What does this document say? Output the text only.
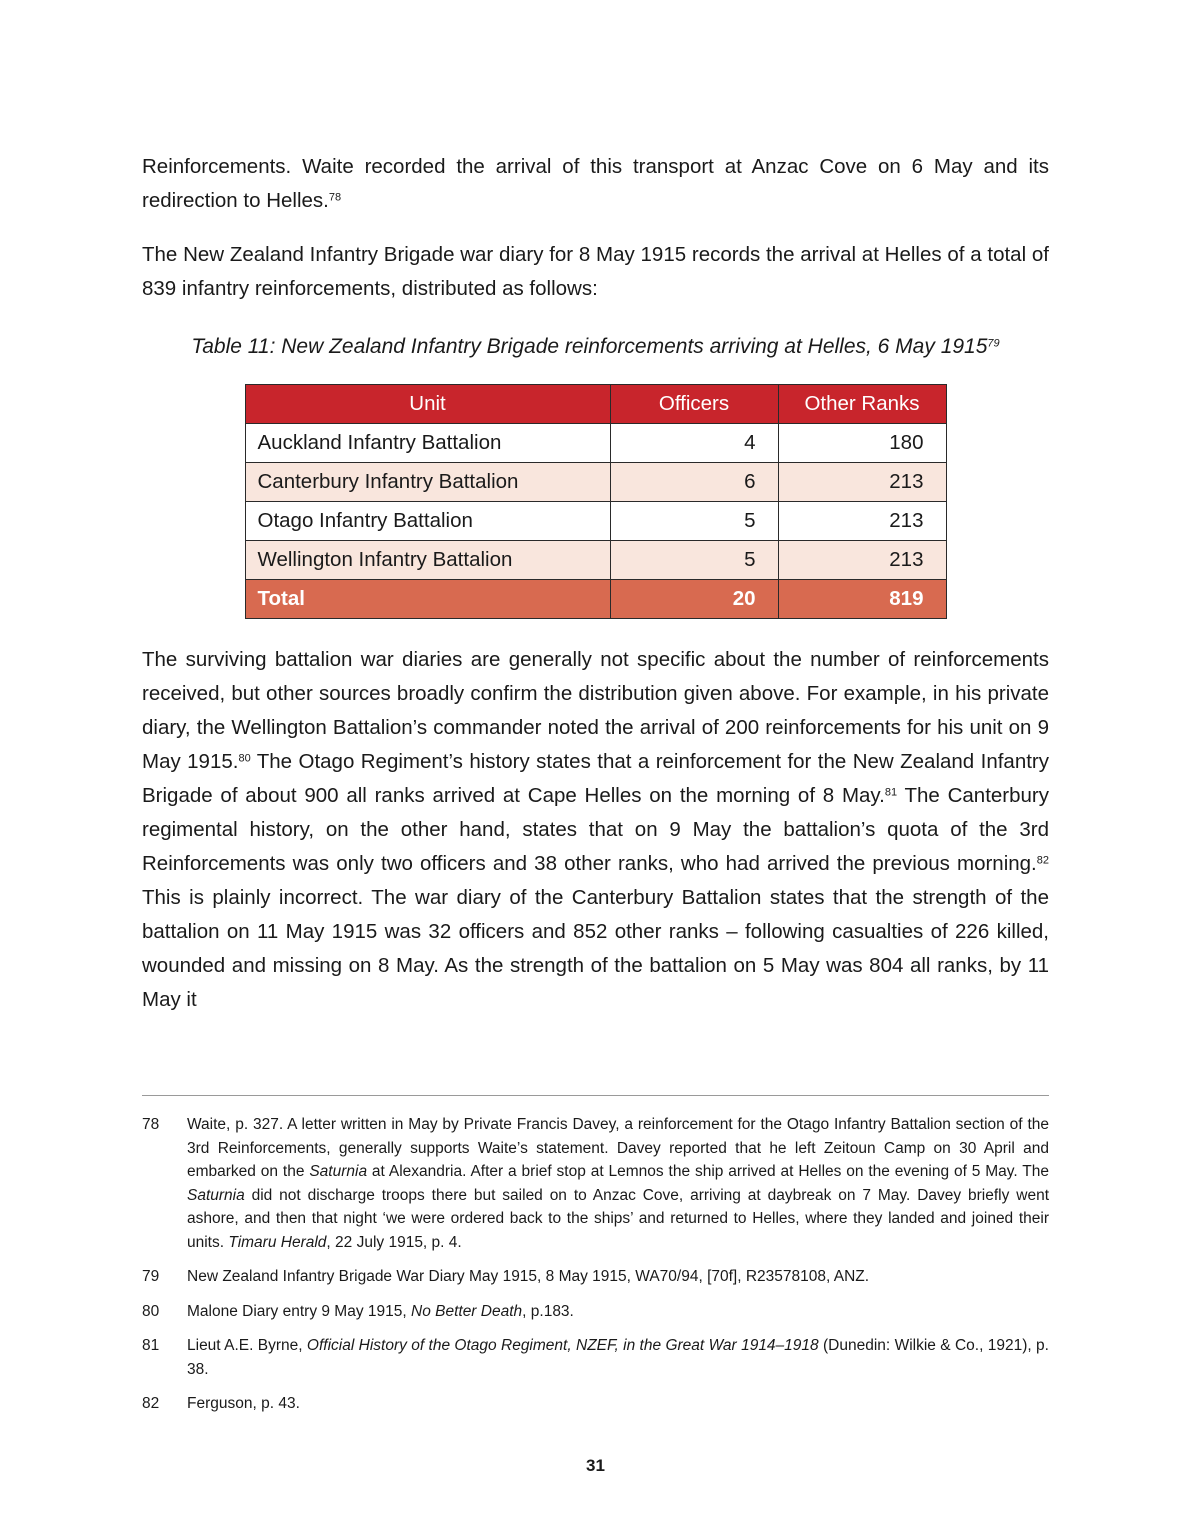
Reinforcements. Waite recorded the arrival of this transport at Anzac Cove on 6 May and its redirection to Helles.$^{78}$

The New Zealand Infantry Brigade war diary for 8 May 1915 records the arrival at Helles of a total of 839 infantry reinforcements, distributed as follows:

Table 11: New Zealand Infantry Brigade reinforcements arriving at Helles, 6 May 1915$^{79}$

Unit	Officers	Other Ranks
Auckland Infantry Battalion	4	180
Canterbury Infantry Battalion	6	213
Otago Infantry Battalion	5	213
Wellington Infantry Battalion	5	213
Total	20	819

The surviving battalion war diaries are generally not specific about the number of reinforcements received, but other sources broadly confirm the distribution given above. For example, in his private diary, the Wellington Battalion’s commander noted the arrival of 200 reinforcements for his unit on 9 May 1915.80 The Otago Regiment’s history states that a reinforcement for the New Zealand Infantry Brigade of about 900 all ranks arrived at Cape Helles on the morning of 8 May.$^{81}$ The Canterbury regimental history, on the other hand, states that on 9 May the battalion’s quota of the 3rd Reinforcements was only two officers and 38 other ranks, who had arrived the previous morning.$^{82}$ This is plainly incorrect. The war diary of the Canterbury Battalion states that the strength of the battalion on 11 May 1915 was 32 officers and 852 other ranks – following casualties of 226 killed, wounded and missing on 8 May. As the strength of the battalion on 5 May was 804 all ranks, by 11 May it

78	Waite, p. 327. A letter written in May by Private Francis Davey, a reinforcement for the Otago Infantry Battalion section of the 3rd Reinforcements, generally supports Waite’s statement. Davey reported that he left Zeitoun Camp on 30 April and embarked on the Saturnia at Alexandria. After a brief stop at Lemnos the ship arrived at Helles on the evening of 5 May. The Saturnia did not discharge troops there but sailed on to Anzac Cove, arriving at daybreak on 7 May. Davey briefly went ashore, and then that night ‘we were ordered back to the ships’ and returned to Helles, where they landed and joined their units. Timaru Herald, 22 July 1915, p. 4.
79	New Zealand Infantry Brigade War Diary May 1915, 8 May 1915, WA70/94, [70f], R23578108, ANZ.
80	Malone Diary entry 9 May 1915, No Better Death, p.183.
81	Lieut A.E. Byrne, Official History of the Otago Regiment, NZEF, in the Great War 1914–1918 (Dunedin: Wilkie & Co., 1921), p. 38.
82	Ferguson, p. 43.
31
